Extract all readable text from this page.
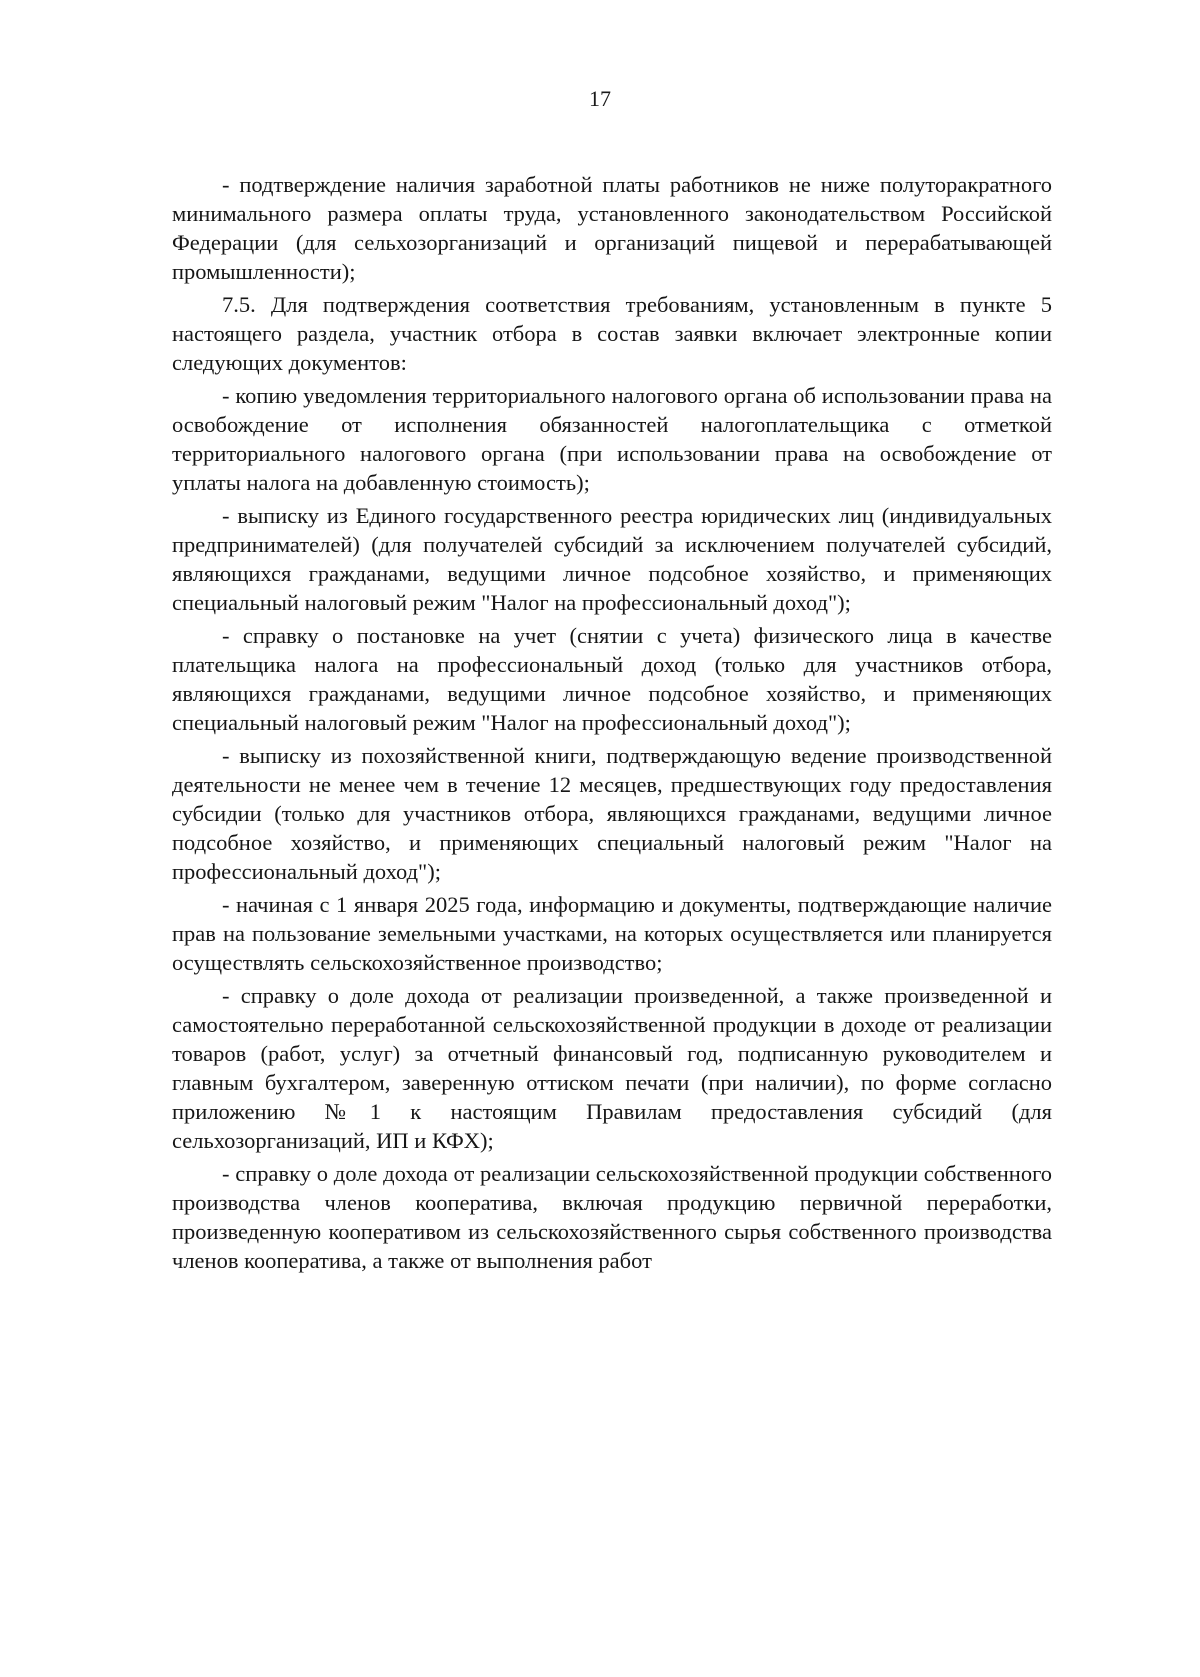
17

- подтверждение наличия заработной платы работников не ниже полуторакратного минимального размера оплаты труда, установленного законодательством Российской Федерации (для сельхозорганизаций и организаций пищевой и перерабатывающей промышленности);

7.5. Для подтверждения соответствия требованиям, установленным в пункте 5 настоящего раздела, участник отбора в состав заявки включает электронные копии следующих документов:

- копию уведомления территориального налогового органа об использовании права на освобождение от исполнения обязанностей налогоплательщика с отметкой территориального налогового органа (при использовании права на освобождение от уплаты налога на добавленную стоимость);

- выписку из Единого государственного реестра юридических лиц (индивидуальных предпринимателей) (для получателей субсидий за исключением получателей субсидий, являющихся гражданами, ведущими личное подсобное хозяйство, и применяющих специальный налоговый режим "Налог на профессиональный доход");

- справку о постановке на учет (снятии с учета) физического лица в качестве плательщика налога на профессиональный доход (только для участников отбора, являющихся гражданами, ведущими личное подсобное хозяйство, и применяющих специальный налоговый режим "Налог на профессиональный доход");

- выписку из похозяйственной книги, подтверждающую ведение производственной деятельности не менее чем в течение 12 месяцев, предшествующих году предоставления субсидии (только для участников отбора, являющихся гражданами, ведущими личное подсобное хозяйство, и применяющих специальный налоговый режим "Налог на профессиональный доход");

- начиная с 1 января 2025 года, информацию и документы, подтверждающие наличие прав на пользование земельными участками, на которых осуществляется или планируется осуществлять сельскохозяйственное производство;

- справку о доле дохода от реализации произведенной, а также произведенной и самостоятельно переработанной сельскохозяйственной продукции в доходе от реализации товаров (работ, услуг) за отчетный финансовый год, подписанную руководителем и главным бухгалтером, заверенную оттиском печати (при наличии), по форме согласно приложению №1 к настоящим Правилам предоставления субсидий (для сельхозорганизаций, ИП и КФХ);

- справку о доле дохода от реализации сельскохозяйственной продукции собственного производства членов кооператива, включая продукцию первичной переработки, произведенную кооперативом из сельскохозяйственного сырья собственного производства членов кооператива, а также от выполнения работ
